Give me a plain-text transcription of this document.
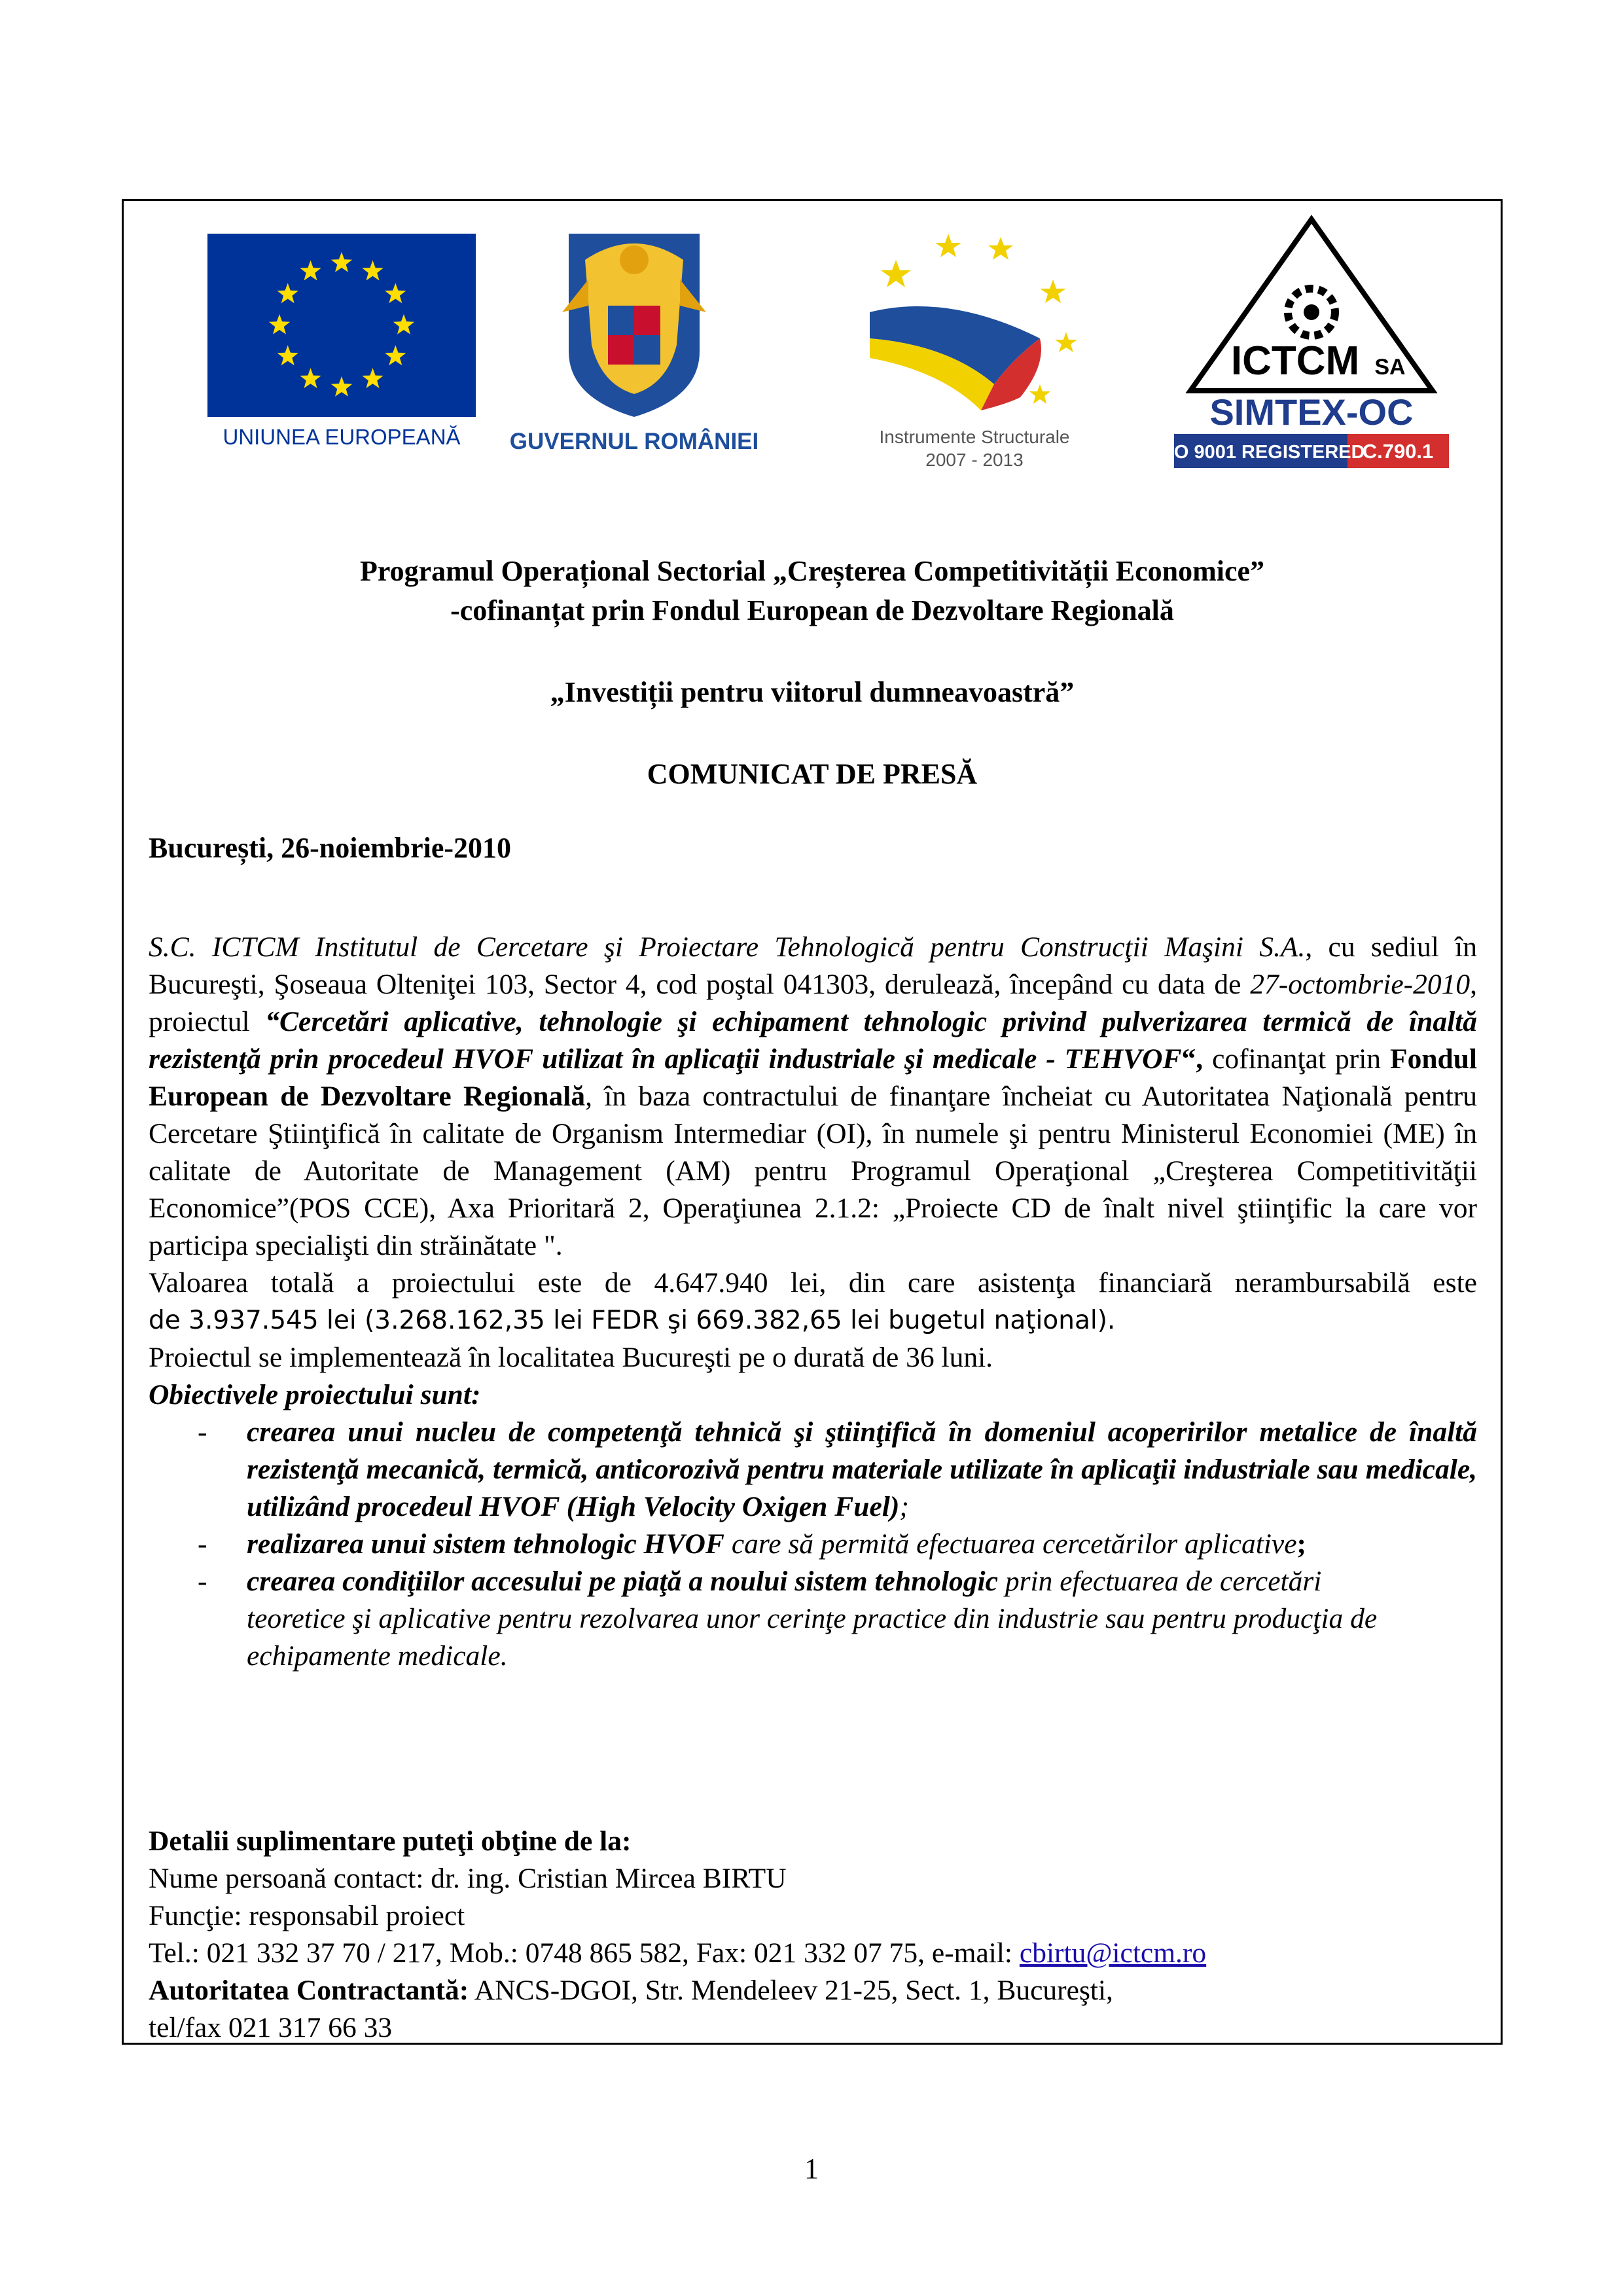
UNIUNEA EUROPEANĂ	GUVERNUL ROMÂNIEI	Instrumente Structurale
2007 - 2013
ICTCM SA
SIMTEX-OC
ISO 9001 REGISTERED
C.790.1
Programul Operațional Sectorial „Creșterea Competitivității Economice”
-cofinanțat prin Fondul European de Dezvoltare Regională
„Investiții pentru viitorul dumneavoastră”
COMUNICAT DE PRESĂ
București, 26-noiembrie-2010

S.C. ICTCM Institutul de Cercetare şi Proiectare Tehnologică pentru Construcţii Maşini S.A., cu sediul în Bucureşti, Şoseaua Olteniţei 103, Sector 4, cod poştal 041303, derulează, începând cu data de 27-octombrie-2010, proiectul “Cercetări aplicative, tehnologie şi echipament tehnologic privind pulverizarea termică de înaltă rezistenţă prin procedeul HVOF utilizat în aplicaţii industriale şi medicale - TEHVOF“, cofinanţat prin Fondul European de Dezvoltare Regională, în baza contractului de finanţare încheiat cu Autoritatea Naţională pentru Cercetare Ştiinţifică în calitate de Organism Intermediar (OI), în numele şi pentru Ministerul Economiei (ME) în calitate de Autoritate de Management (AM) pentru Programul Operaţional „Creşterea Competitivităţii Economice”(POS CCE), Axa Prioritară 2, Operaţiunea 2.1.2: „Proiecte CD de înalt nivel ştiinţific la care vor participa specialişti din străinătate ".

Valoarea totală a proiectului este de 4.647.940 lei, din care asistenţa financiară nerambursabilă este
de 3.937.545 lei (3.268.162,35 lei FEDR şi 669.382,65 lei bugetul naţional).
Proiectul se implementează în localitatea Bucureşti pe o durată de 36 luni.
Obiectivele proiectului sunt:
- crearea unui nucleu de competenţă tehnică şi ştiinţifică în domeniul acoperirilor metalice de înaltă rezistenţă mecanică, termică, anticorozivă pentru materiale utilizate în aplicaţii industriale sau medicale, utilizând procedeul HVOF (High Velocity Oxigen Fuel);
- realizarea unui sistem tehnologic HVOF care să permită efectuarea cercetărilor aplicative;
- crearea condiţiilor accesului pe piaţă a noului sistem tehnologic prin efectuarea de cercetări teoretice şi aplicative pentru rezolvarea unor cerinţe practice din industrie sau pentru producţia de echipamente medicale.
Detalii suplimentare puteţi obţine de la:
Nume persoană contact: dr. ing. Cristian Mircea BIRTU
Funcţie: responsabil proiect
Tel.: 021 332 37 70 / 217, Mob.: 0748 865 582, Fax: 021 332 07 75, e-mail: cbirtu@ictcm.ro
Autoritatea Contractantă: ANCS-DGOI, Str. Mendeleev 21-25, Sect. 1, Bucureşti,
tel/fax 021 317 66 33
1
